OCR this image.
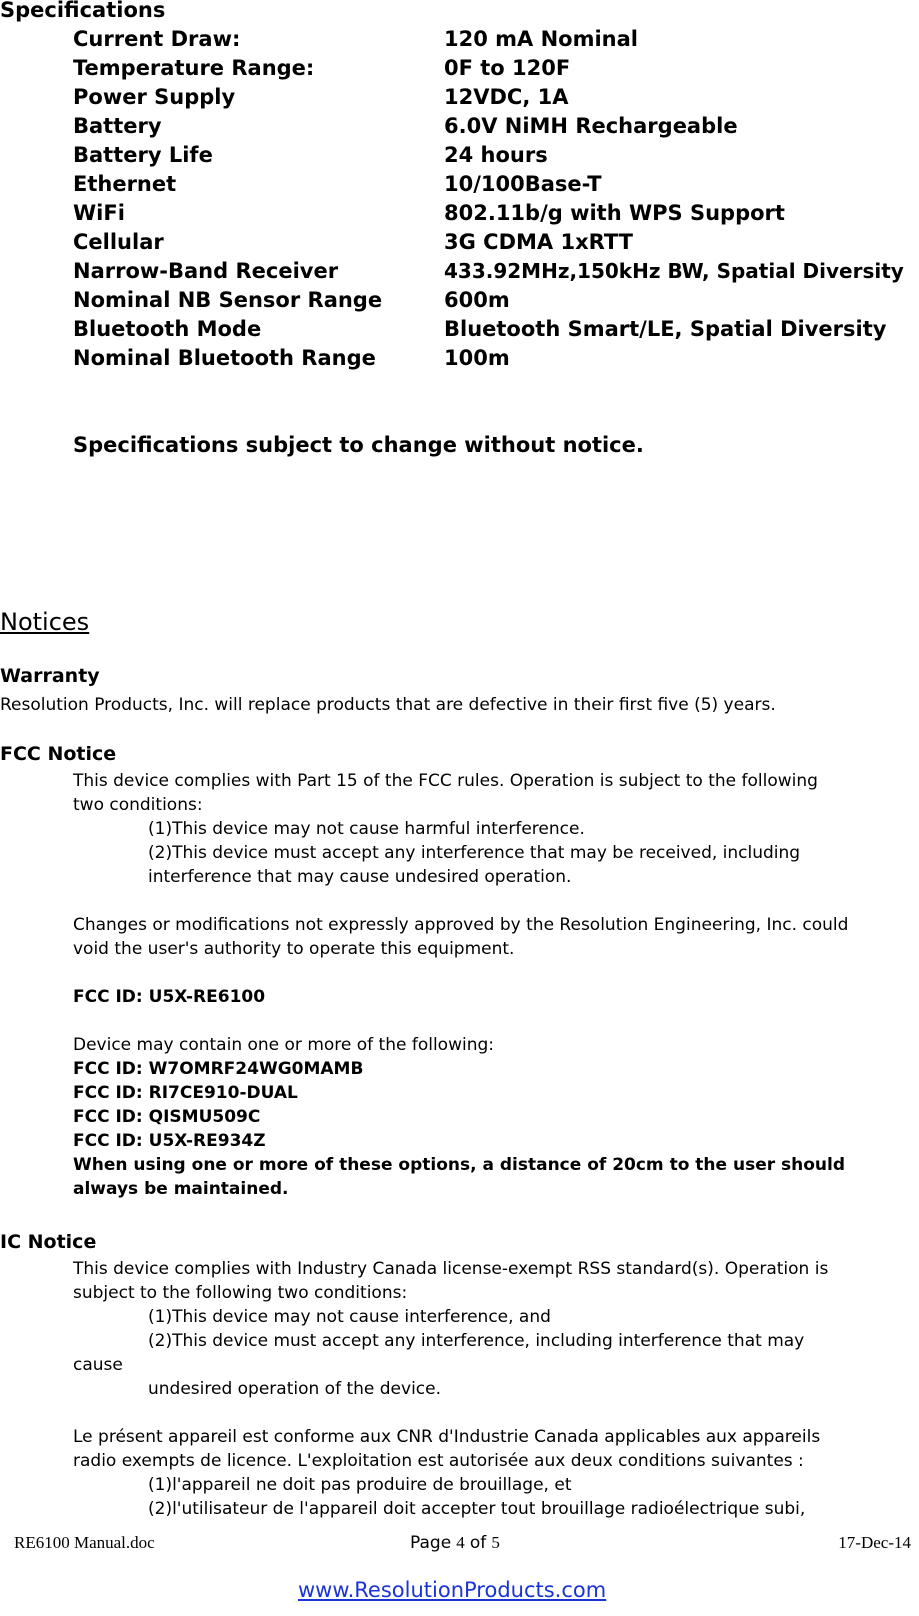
Specifications
Current Draw:	120 mA Nominal
Temperature Range:	0F to 120F
Power Supply	12VDC, 1A
Battery	6.0V NiMH Rechargeable
Battery Life	24 hours
Ethernet	10/100Base-T
WiFi	802.11b/g with WPS Support
Cellular	3G CDMA 1xRTT
Narrow-Band Receiver	433.92MHz,150kHz BW, Spatial Diversity
Nominal NB Sensor Range	600m
Bluetooth Mode	Bluetooth Smart/LE, Spatial Diversity
Nominal Bluetooth Range	100m
Specifications subject to change without notice.
Notices
Warranty
Resolution Products, Inc. will replace products that are defective in their first five (5) years.
FCC Notice
This device complies with Part 15 of the FCC rules. Operation is subject to the following
two conditions:
(1)This device may not cause harmful interference.
(2)This device must accept any interference that may be received, including
interference that may cause undesired operation.
Changes or modifications not expressly approved by the Resolution Engineering, Inc. could
void the user's authority to operate this equipment.
FCC ID: U5X-RE6100
Device may contain one or more of the following:
FCC ID: W7OMRF24WG0MAMB
FCC ID: RI7CE910-DUAL
FCC ID: QISMU509C
FCC ID: U5X-RE934Z
When using one or more of these options, a distance of 20cm to the user should
always be maintained.
IC Notice
This device complies with Industry Canada license-exempt RSS standard(s). Operation is
subject to the following two conditions:
(1)This device may not cause interference, and
(2)This device must accept any interference, including interference that may
cause
undesired operation of the device.
Le présent appareil est conforme aux CNR d'Industrie Canada applicables aux appareils
radio exempts de licence. L'exploitation est autorisée aux deux conditions suivantes :
(1)l'appareil ne doit pas produire de brouillage, et
(2)l'utilisateur de l'appareil doit accepter tout brouillage radioélectrique subi,
RE6100 Manual.doc	Page 4 of 5	17-Dec-14
www.ResolutionProducts.com
